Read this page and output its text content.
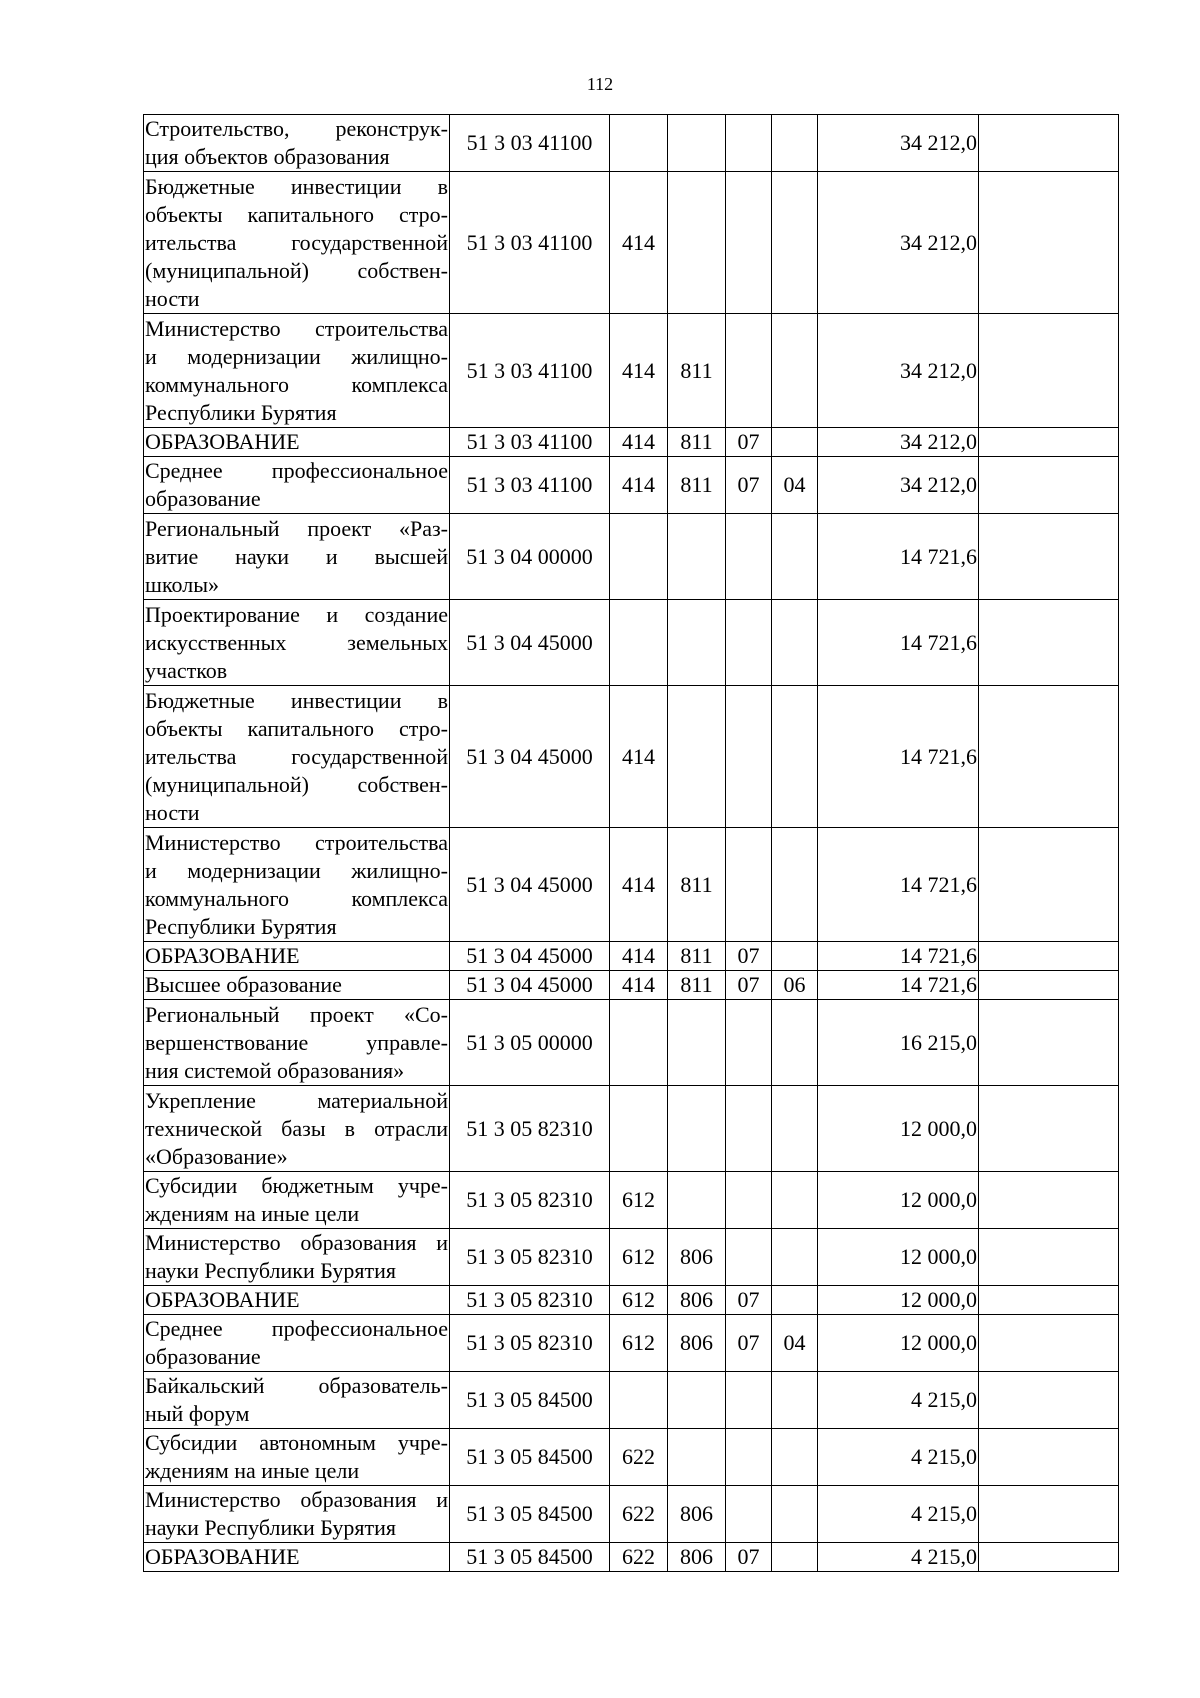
112
Строительство, реконструк-
ция объектов образования	51 3 03 41100					34 212,0	

Бюджетные инвестиции в
объекты капитального стро-
ительства государственной
(муниципальной) собствен-
ности	51 3 03 41100	414				34 212,0	

Министерство строительства
и модернизации жилищно-
коммунального комплекса
Республики Бурятия	51 3 03 41100	414	811			34 212,0	

ОБРАЗОВАНИЕ	51 3 03 41100	414	811	07		34 212,0	

Среднее профессиональное
образование	51 3 03 41100	414	811	07	04	34 212,0	

Региональный проект «Раз-
витие науки и высшей
школы»	51 3 04 00000					14 721,6	

Проектирование и создание
искусственных земельных
участков	51 3 04 45000					14 721,6	

Бюджетные инвестиции в
объекты капитального стро-
ительства государственной
(муниципальной) собствен-
ности	51 3 04 45000	414				14 721,6	

Министерство строительства
и модернизации жилищно-
коммунального комплекса
Республики Бурятия	51 3 04 45000	414	811			14 721,6	

ОБРАЗОВАНИЕ	51 3 04 45000	414	811	07		14 721,6	

Высшее образование	51 3 04 45000	414	811	07	06	14 721,6	

Региональный проект «Со-
вершенствование управле-
ния системой образования»	51 3 05 00000					16 215,0	

Укрепление материальной
технической базы в отрасли
«Образование»	51 3 05 82310					12 000,0	

Субсидии бюджетным учре-
ждениям на иные цели	51 3 05 82310	612				12 000,0	

Министерство образования и
науки Республики Бурятия	51 3 05 82310	612	806			12 000,0	

ОБРАЗОВАНИЕ	51 3 05 82310	612	806	07		12 000,0	

Среднее профессиональное
образование	51 3 05 82310	612	806	07	04	12 000,0	

Байкальский образователь-
ный форум	51 3 05 84500					4 215,0	

Субсидии автономным учре-
ждениям на иные цели	51 3 05 84500	622				4 215,0	

Министерство образования и
науки Республики Бурятия	51 3 05 84500	622	806			4 215,0	

ОБРАЗОВАНИЕ	51 3 05 84500	622	806	07		4 215,0	
